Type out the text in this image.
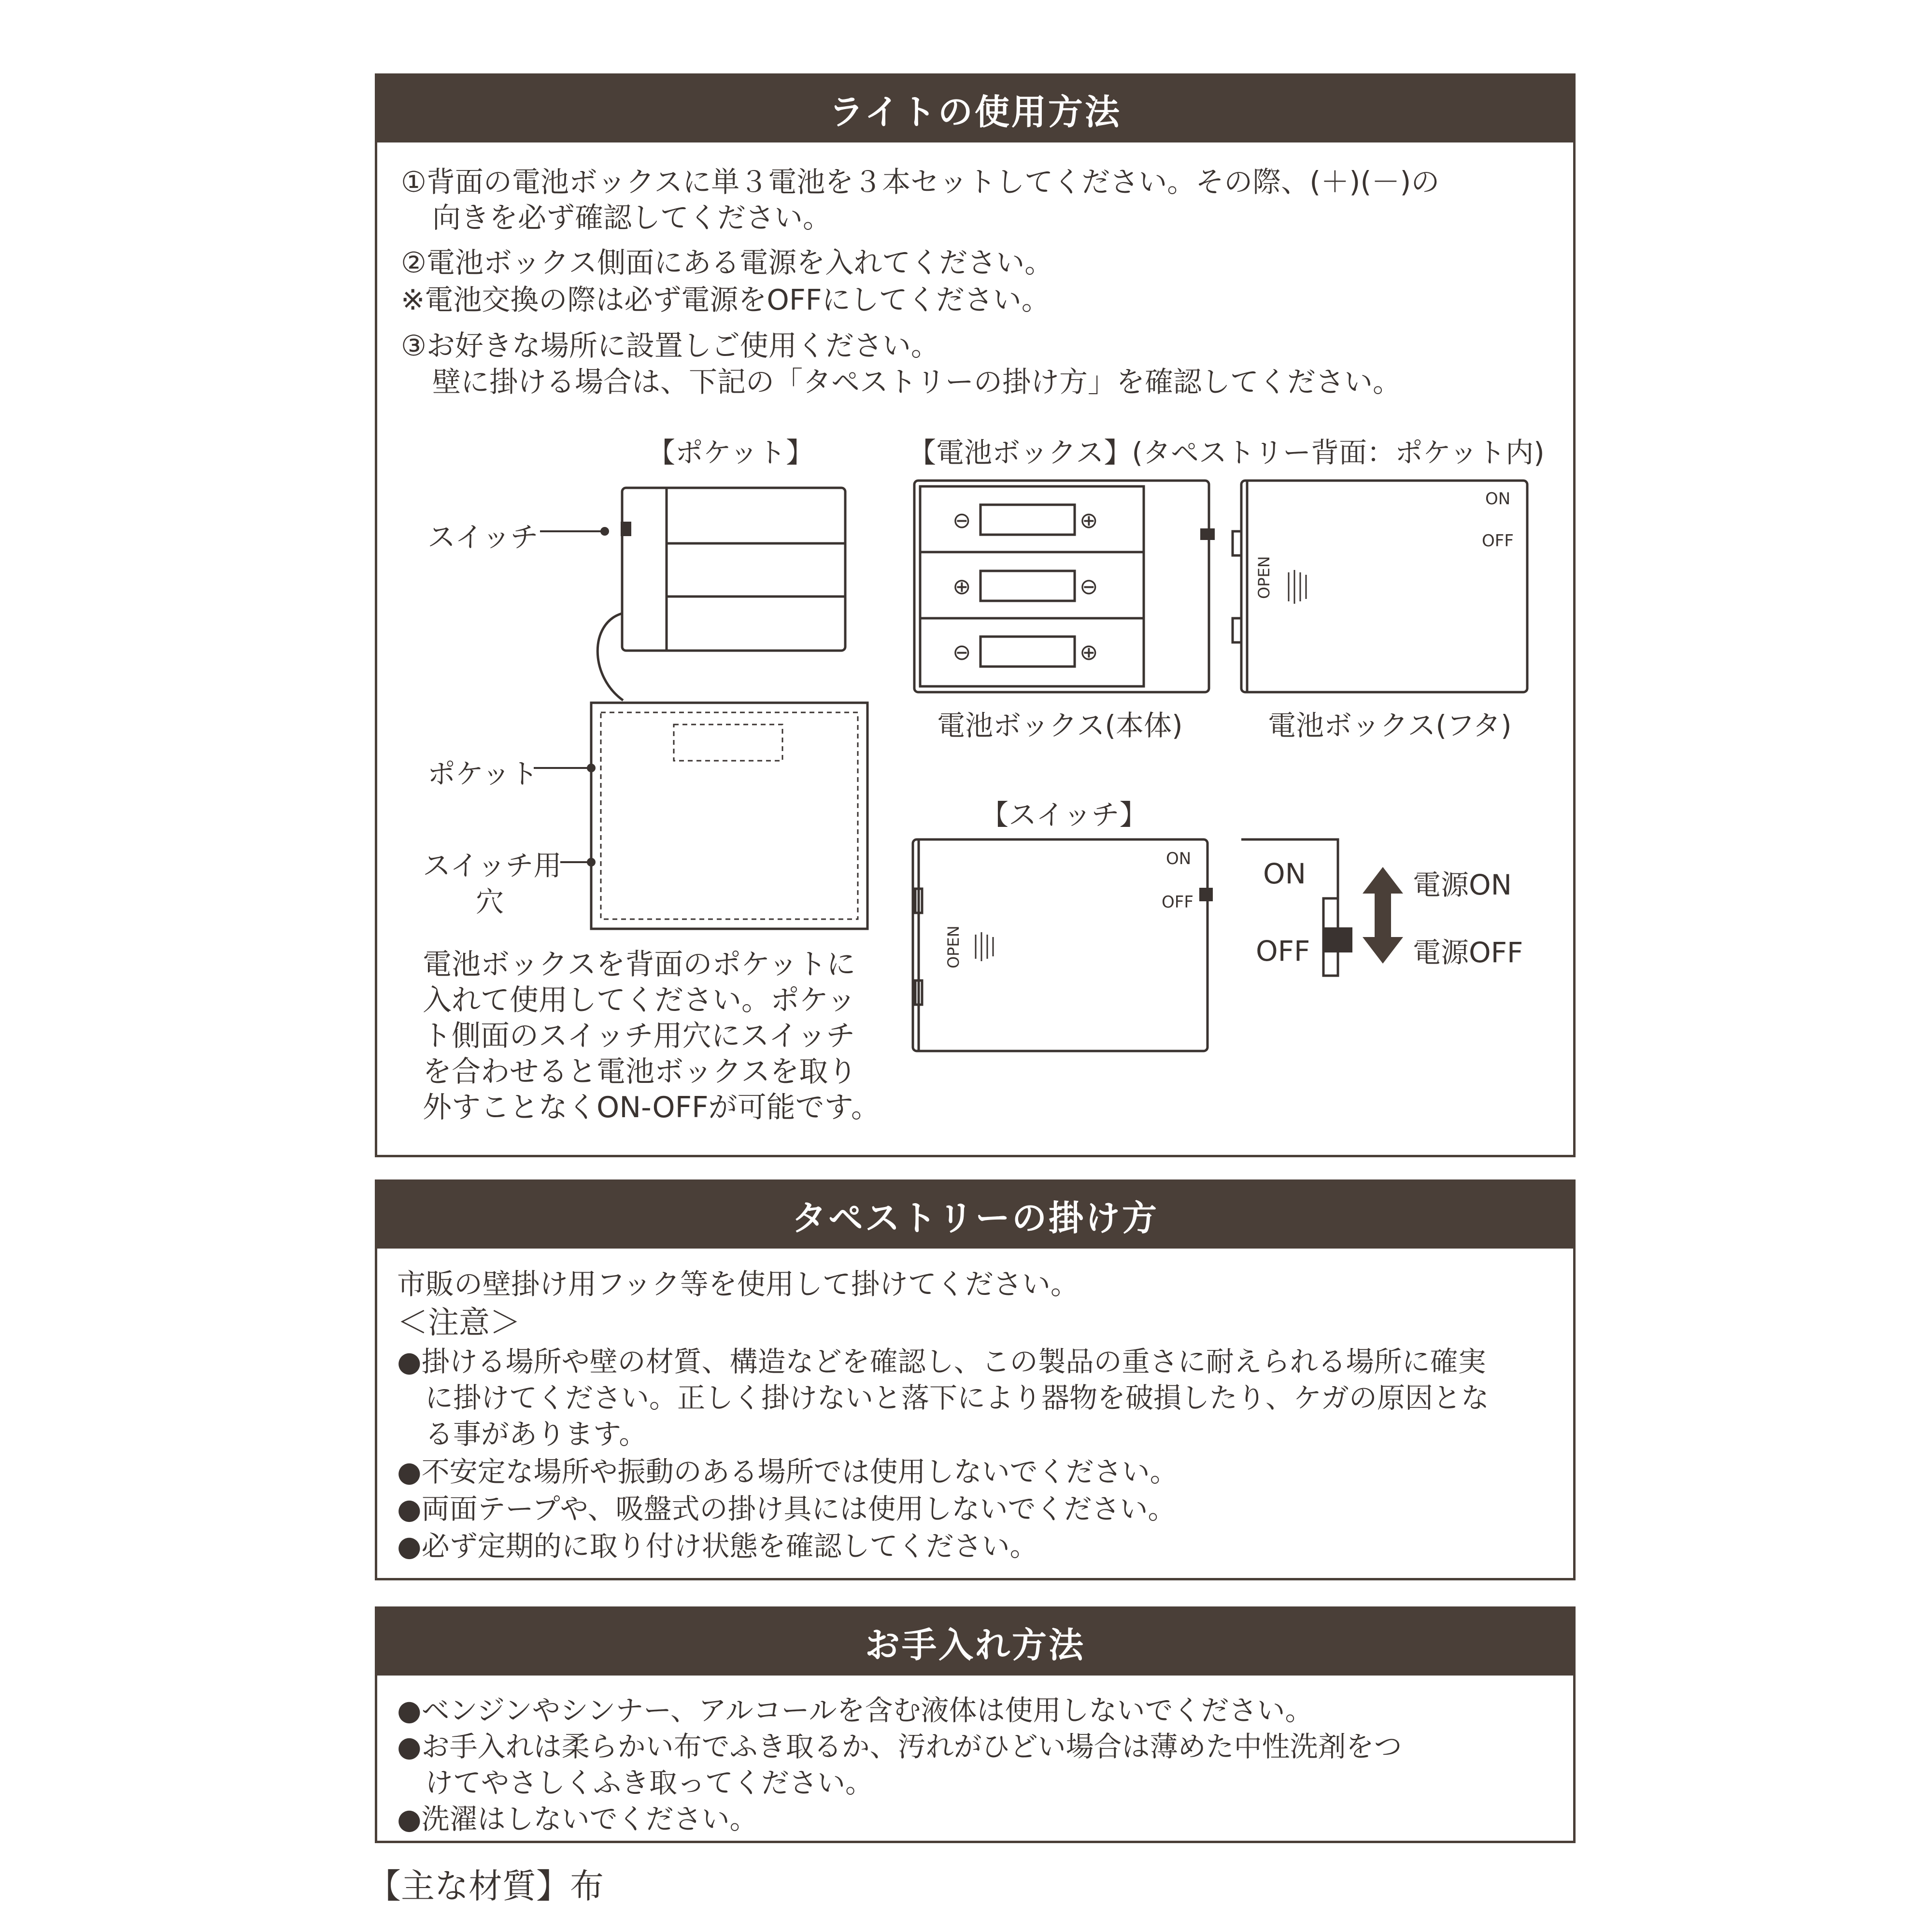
ライトの使用方法
①背面の電池ボックスに単３電池を３本セットしてください。その際、(＋)(－)の
向きを必ず確認してください。
②電池ボックス側面にある電源を入れてください。
※電池交換の際は必ず電源をOFFにしてください。
③お好きな場所に設置しご使用ください。
壁に掛ける場合は、下記の「タペストリーの掛け方」を確認してください。
【ポケット】	【電池ボックス】(タペストリー背面：ポケット内)
スイッチ
ポケット
スイッチ用
穴
⊖	⊕
⊕	⊖
⊖	⊕
ON
OFF
OPEN
電池ボックス(本体)	電池ボックス(フタ)
【スイッチ】
ON
OFF
OPEN
ON
OFF
電源ON
電源OFF
電池ボックスを背面のポケットに
入れて使用してください。ポケッ
ト側面のスイッチ用穴にスイッチ
を合わせると電池ボックスを取り
外すことなくON-OFFが可能です。
タペストリーの掛け方
市販の壁掛け用フック等を使用して掛けてください。
＜注意＞
●掛ける場所や壁の材質、構造などを確認し、この製品の重さに耐えられる場所に確実
　に掛けてください。正しく掛けないと落下により器物を破損したり、ケガの原因とな
　る事があります。
●不安定な場所や振動のある場所では使用しないでください。
●両面テープや、吸盤式の掛け具には使用しないでください。
●必ず定期的に取り付け状態を確認してください。
お手入れ方法
●ベンジンやシンナー、アルコールを含む液体は使用しないでください。
●お手入れは柔らかい布でふき取るか、汚れがひどい場合は薄めた中性洗剤をつ
　けてやさしくふき取ってください。
●洗濯はしないでください。
【主な材質】布
